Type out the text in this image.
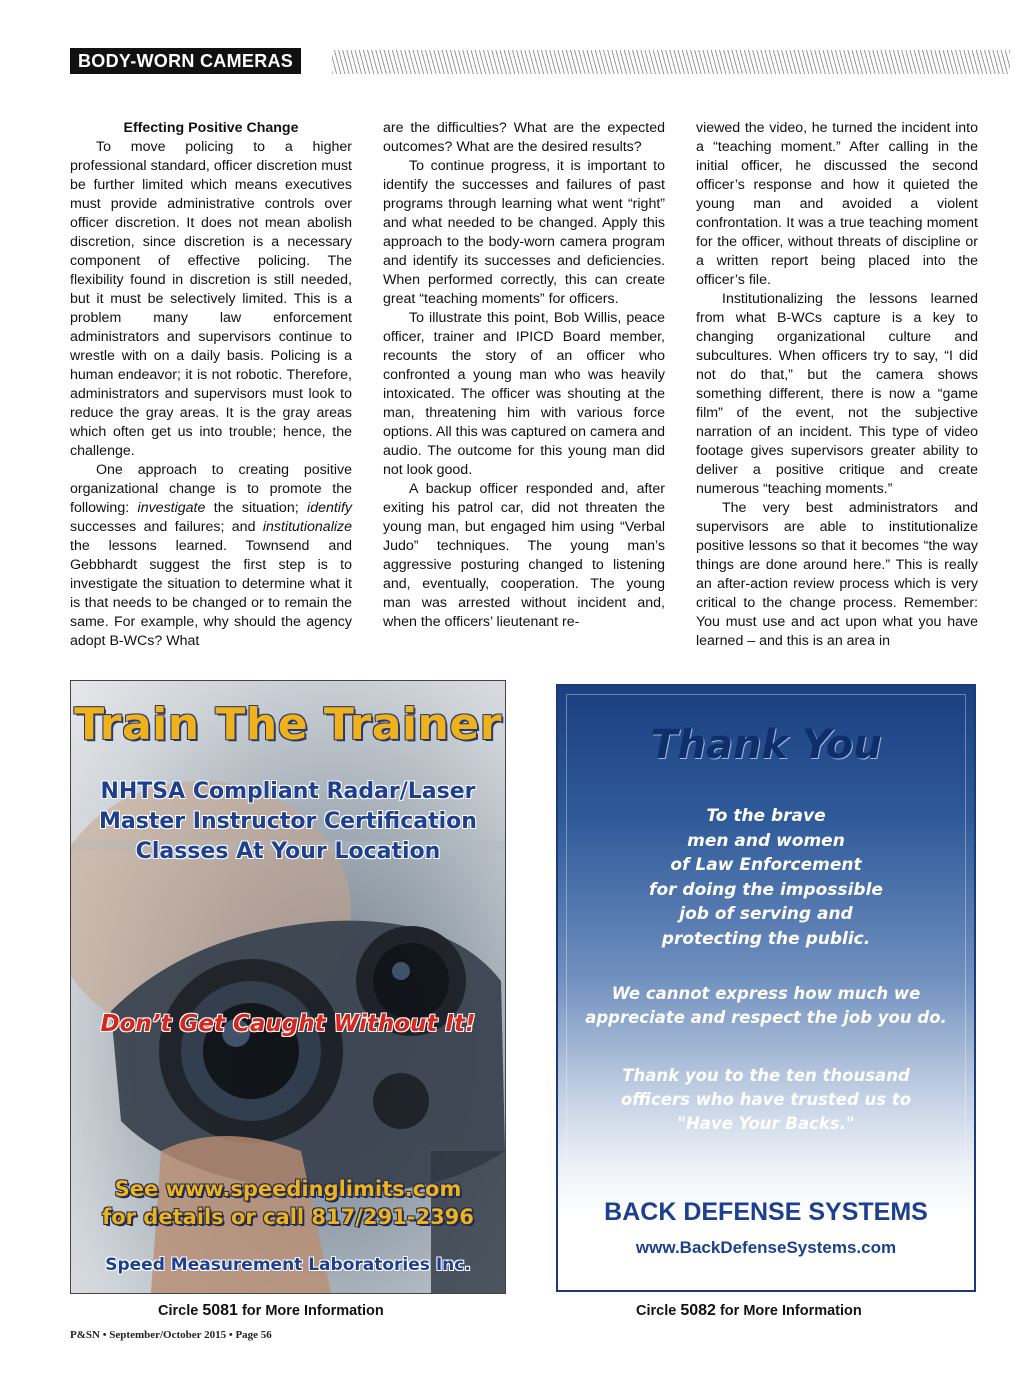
BODY-WORN CAMERAS

Effecting Positive Change

To move policing to a higher professional standard, officer discretion must be further limited which means executives must provide administrative controls over officer discretion. It does not mean abolish discretion, since discretion is a necessary component of effective policing. The flexibility found in discretion is still needed, but it must be selectively limited. This is a problem many law enforcement administrators and supervisors continue to wrestle with on a daily basis. Policing is a human endeavor; it is not robotic. Therefore, administrators and supervisors must look to reduce the gray areas. It is the gray areas which often get us into trouble; hence, the challenge.

One approach to creating positive organizational change is to promote the following: investigate the situation; identify successes and failures; and institutionalize the lessons learned. Townsend and Gebbhardt suggest the first step is to investigate the situation to determine what it is that needs to be changed or to remain the same. For example, why should the agency adopt B-WCs? What

are the difficulties? What are the expected outcomes? What are the desired results?

To continue progress, it is important to identify the successes and failures of past programs through learning what went “right” and what needed to be changed. Apply this approach to the body-worn camera program and identify its successes and deficiencies. When performed correctly, this can create great “teaching moments” for officers.

To illustrate this point, Bob Willis, peace officer, trainer and IPICD Board member, recounts the story of an officer who confronted a young man who was heavily intoxicated. The officer was shouting at the man, threatening him with various force options. All this was captured on camera and audio. The outcome for this young man did not look good.

A backup officer responded and, after exiting his patrol car, did not threaten the young man, but engaged him using “Verbal Judo” techniques. The young man’s aggressive posturing changed to listening and, eventually, cooperation. The young man was arrested without incident and, when the officers’ lieutenant re-

viewed the video, he turned the incident into a “teaching moment.” After calling in the initial officer, he discussed the second officer’s response and how it quieted the young man and avoided a violent confrontation. It was a true teaching moment for the officer, without threats of discipline or a written report being placed into the officer’s file.

Institutionalizing the lessons learned from what B-WCs capture is a key to changing organizational culture and subcultures. When officers try to say, “I did not do that,” but the camera shows something different, there is now a “game film” of the event, not the subjective narration of an incident. This type of video footage gives supervisors greater ability to deliver a positive critique and create numerous “teaching moments.”

The very best administrators and supervisors are able to institutionalize positive lessons so that it becomes “the way things are done around here.” This is really an after-action review process which is very critical to the change process. Remember: You must use and act upon what you have learned – and this is an area in

Train The Trainer
NHTSA Compliant Radar/Laser
Master Instructor Certification
Classes At Your Location
Don’t Get Caught Without It!
See www.speedinglimits.com
for details or call 817/291-2396
Speed Measurement Laboratories Inc.
Thank You
To the brave
men and women
of Law Enforcement
for doing the impossible
job of serving and
protecting the public.
We cannot express how much we
appreciate and respect the job you do.
Thank you to the ten thousand
officers who have trusted us to
"Have Your Backs."
BACK DEFENSE SYSTEMS
www.BackDefenseSystems.com
Circle 5081 for More Information	Circle 5082 for More Information
P&SN • September/October 2015 • Page 56
